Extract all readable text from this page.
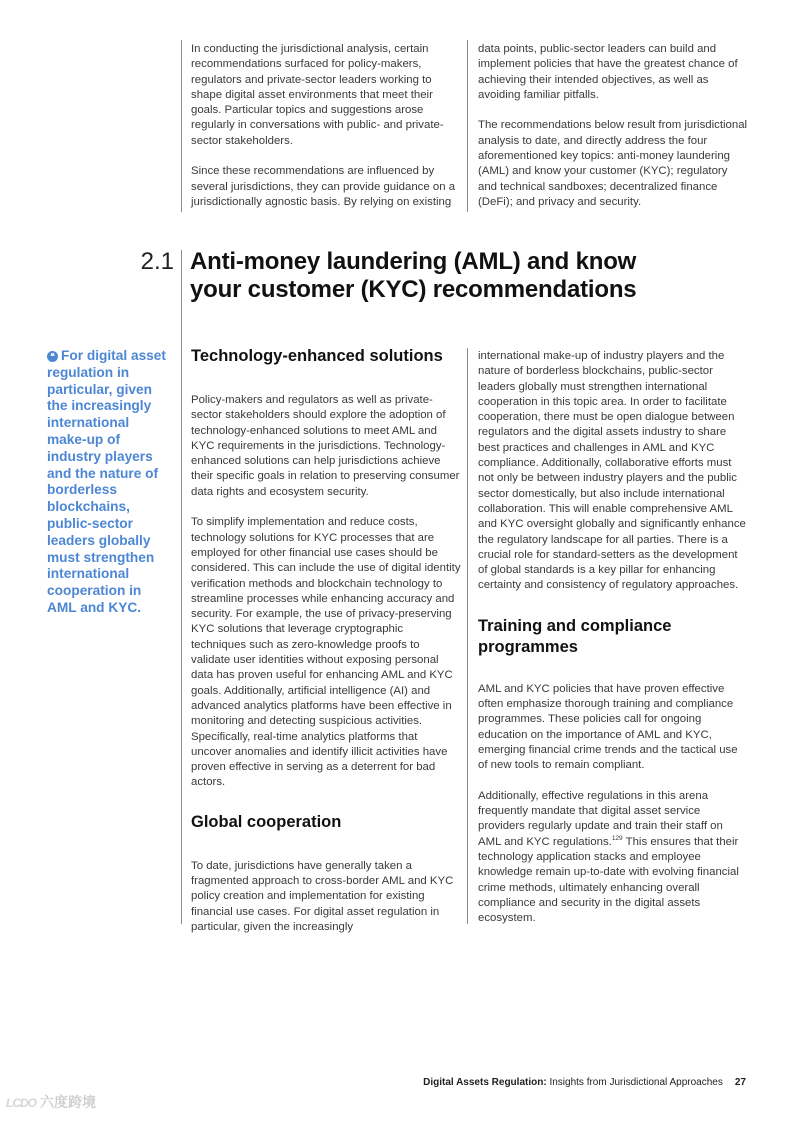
In conducting the jurisdictional analysis, certain recommendations surfaced for policy-makers, regulators and private-sector leaders working to shape digital asset environments that meet their goals. Particular topics and suggestions arose regularly in conversations with public- and private-sector stakeholders.

Since these recommendations are influenced by several jurisdictions, they can provide guidance on a jurisdictionally agnostic basis. By relying on existing

data points, public-sector leaders can build and implement policies that have the greatest chance of achieving their intended objectives, as well as avoiding familiar pitfalls.

The recommendations below result from jurisdictional analysis to date, and directly address the four aforementioned key topics: anti-money laundering (AML) and know your customer (KYC); regulatory and technical sandboxes; decentralized finance (DeFi); and privacy and security.

2.1 Anti-money laundering (AML) and know your customer (KYC) recommendations
❝ For digital asset regulation in particular, given the increasingly international make-up of industry players and the nature of borderless blockchains, public-sector leaders globally must strengthen international cooperation in AML and KYC.
Technology-enhanced solutions

Policy-makers and regulators as well as private-sector stakeholders should explore the adoption of technology-enhanced solutions to meet AML and KYC requirements in the jurisdictions. Technology-enhanced solutions can help jurisdictions achieve their specific goals in relation to preserving consumer data rights and ecosystem security.

To simplify implementation and reduce costs, technology solutions for KYC processes that are employed for other financial use cases should be considered. This can include the use of digital identity verification methods and blockchain technology to streamline processes while enhancing accuracy and security. For example, the use of privacy-preserving KYC solutions that leverage cryptographic techniques such as zero-knowledge proofs to validate user identities without exposing personal data has proven useful for enhancing AML and KYC goals. Additionally, artificial intelligence (AI) and advanced analytics platforms have been effective in monitoring and detecting suspicious activities. Specifically, real-time analytics platforms that uncover anomalies and identify illicit activities have proven effective in serving as a deterrent for bad actors.

Global cooperation

To date, jurisdictions have generally taken a fragmented approach to cross-border AML and KYC policy creation and implementation for existing financial use cases. For digital asset regulation in particular, given the increasingly

international make-up of industry players and the nature of borderless blockchains, public-sector leaders globally must strengthen international cooperation in this topic area. In order to facilitate cooperation, there must be open dialogue between regulators and the digital assets industry to share best practices and challenges in AML and KYC compliance. Additionally, collaborative efforts must not only be between industry players and the public sector domestically, but also include international collaboration. This will enable comprehensive AML and KYC oversight globally and significantly enhance the regulatory landscape for all parties. There is a crucial role for standard-setters as the development of global standards is a key pillar for enhancing certainty and consistency of regulatory approaches.

Training and compliance programmes

AML and KYC policies that have proven effective often emphasize thorough training and compliance programmes. These policies call for ongoing education on the importance of AML and KYC, emerging financial crime trends and the tactical use of new tools to remain compliant.

Additionally, effective regulations in this arena frequently mandate that digital asset service providers regularly update and train their staff on AML and KYC regulations.$^{129}$ This ensures that their technology application stacks and employee knowledge remain up-to-date with evolving financial crime methods, ultimately enhancing overall compliance and security in the digital assets ecosystem.

Digital Assets Regulation: Insights from Jurisdictional Approaches 27
LCDO 六度跨境
